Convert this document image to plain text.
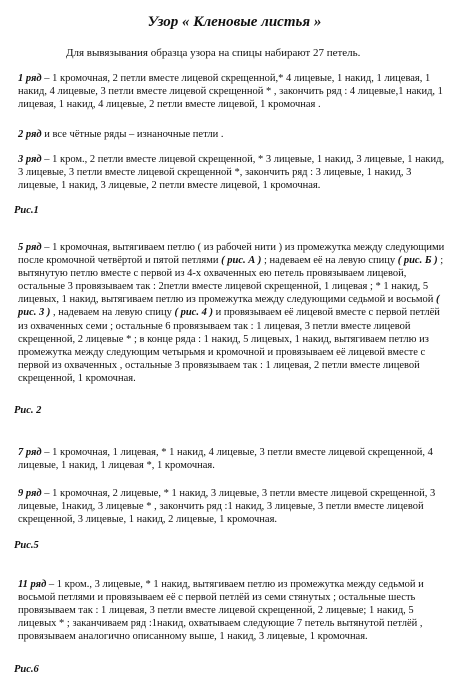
Узор « Кленовые листья »

Для вывязывания образца узора на спицы набирают 27 петель.

1 ряд – 1 кромочная, 2 петли вместе лицевой скрещенной,* 4 лицевые, 1 накид, 1 лицевая, 1 накид, 4 лицевые, 3 петли вместе лицевой скрещенной * , закончить ряд : 4 лицевые,1 накид, 1 лицевая, 1 накид, 4 лицевые, 2 петли вместе лицевой, 1 кромочная .

2 ряд и все чётные ряды – изнаночные петли .

3 ряд – 1 кром., 2 петли вместе лицевой скрещенной, * 3 лицевые, 1 накид, 3 лицевые, 1 накид, 3 лицевые, 3 петли вместе лицевой скрещенной *, закончить ряд : 3 лицевые, 1 накид, 3 лицевые, 1 накид, 3 лицевые, 2 петли вместе лицевой, 1 кромочная.

Рис.1

5 ряд – 1 кромочная, вытягиваем петлю ( из рабочей нити ) из промежутка между следующими после кромочной четвёртой и пятой петлями ( рис. А ) ; надеваем её на левую спицу ( рис. Б ) ; вытянутую петлю вместе с первой из 4-х охваченных ею петель провязываем лицевой, остальные 3 провязываем так : 2петли вместе лицевой скрещенной, 1 лицевая ; * 1 накид, 5 лицевых, 1 накид, вытягиваем петлю из промежутка между следующими седьмой и восьмой ( рис. 3 ) , надеваем на левую спицу ( рис. 4 ) и провязываем её лицевой вместе с первой петлёй из охваченных семи ; остальные 6 провязываем так : 1 лицевая, 3 петли вместе лицевой скрещенной, 2 лицевые * ; в конце ряда : 1 накид, 5 лицевых, 1 накид, вытягиваем петлю из промежутка между следующим четырьмя и кромочной и провязываем её лицевой вместе с первой из охваченных , остальные 3 провязываем так : 1 лицевая, 2 петли вместе лицевой скрещенной, 1 кромочная.

Рис. 2

7 ряд – 1 кромочная, 1 лицевая, * 1 накид, 4 лицевые, 3 петли вместе лицевой скрещенной, 4 лицевые, 1 накид, 1 лицевая *, 1 кромочная.

9 ряд – 1 кромочная, 2 лицевые, * 1 накид, 3 лицевые, 3 петли вместе лицевой скрещенной, 3 лицевые, 1накид, 3 лицевые * , закончить ряд :1 накид, 3 лицевые, 3 петли вместе лицевой скрещенной, 3 лицевые, 1 накид, 2 лицевые, 1 кромочная.

Рис.5

11 ряд – 1 кром., 3 лицевые, * 1 накид, вытягиваем петлю из промежутка между седьмой и восьмой петлями и провязываем её с первой петлёй из семи стянутых ; остальные шесть провязываем так : 1 лицевая, 3 петли вместе лицевой скрещенной, 2 лицевые; 1 накид, 5 лицевых * ; заканчиваем ряд :1накид, охватываем следующие 7 петель вытянутой петлёй , провязываем аналогично описанному выше, 1 накид, 3 лицевые, 1 кромочная.

Рис.6
